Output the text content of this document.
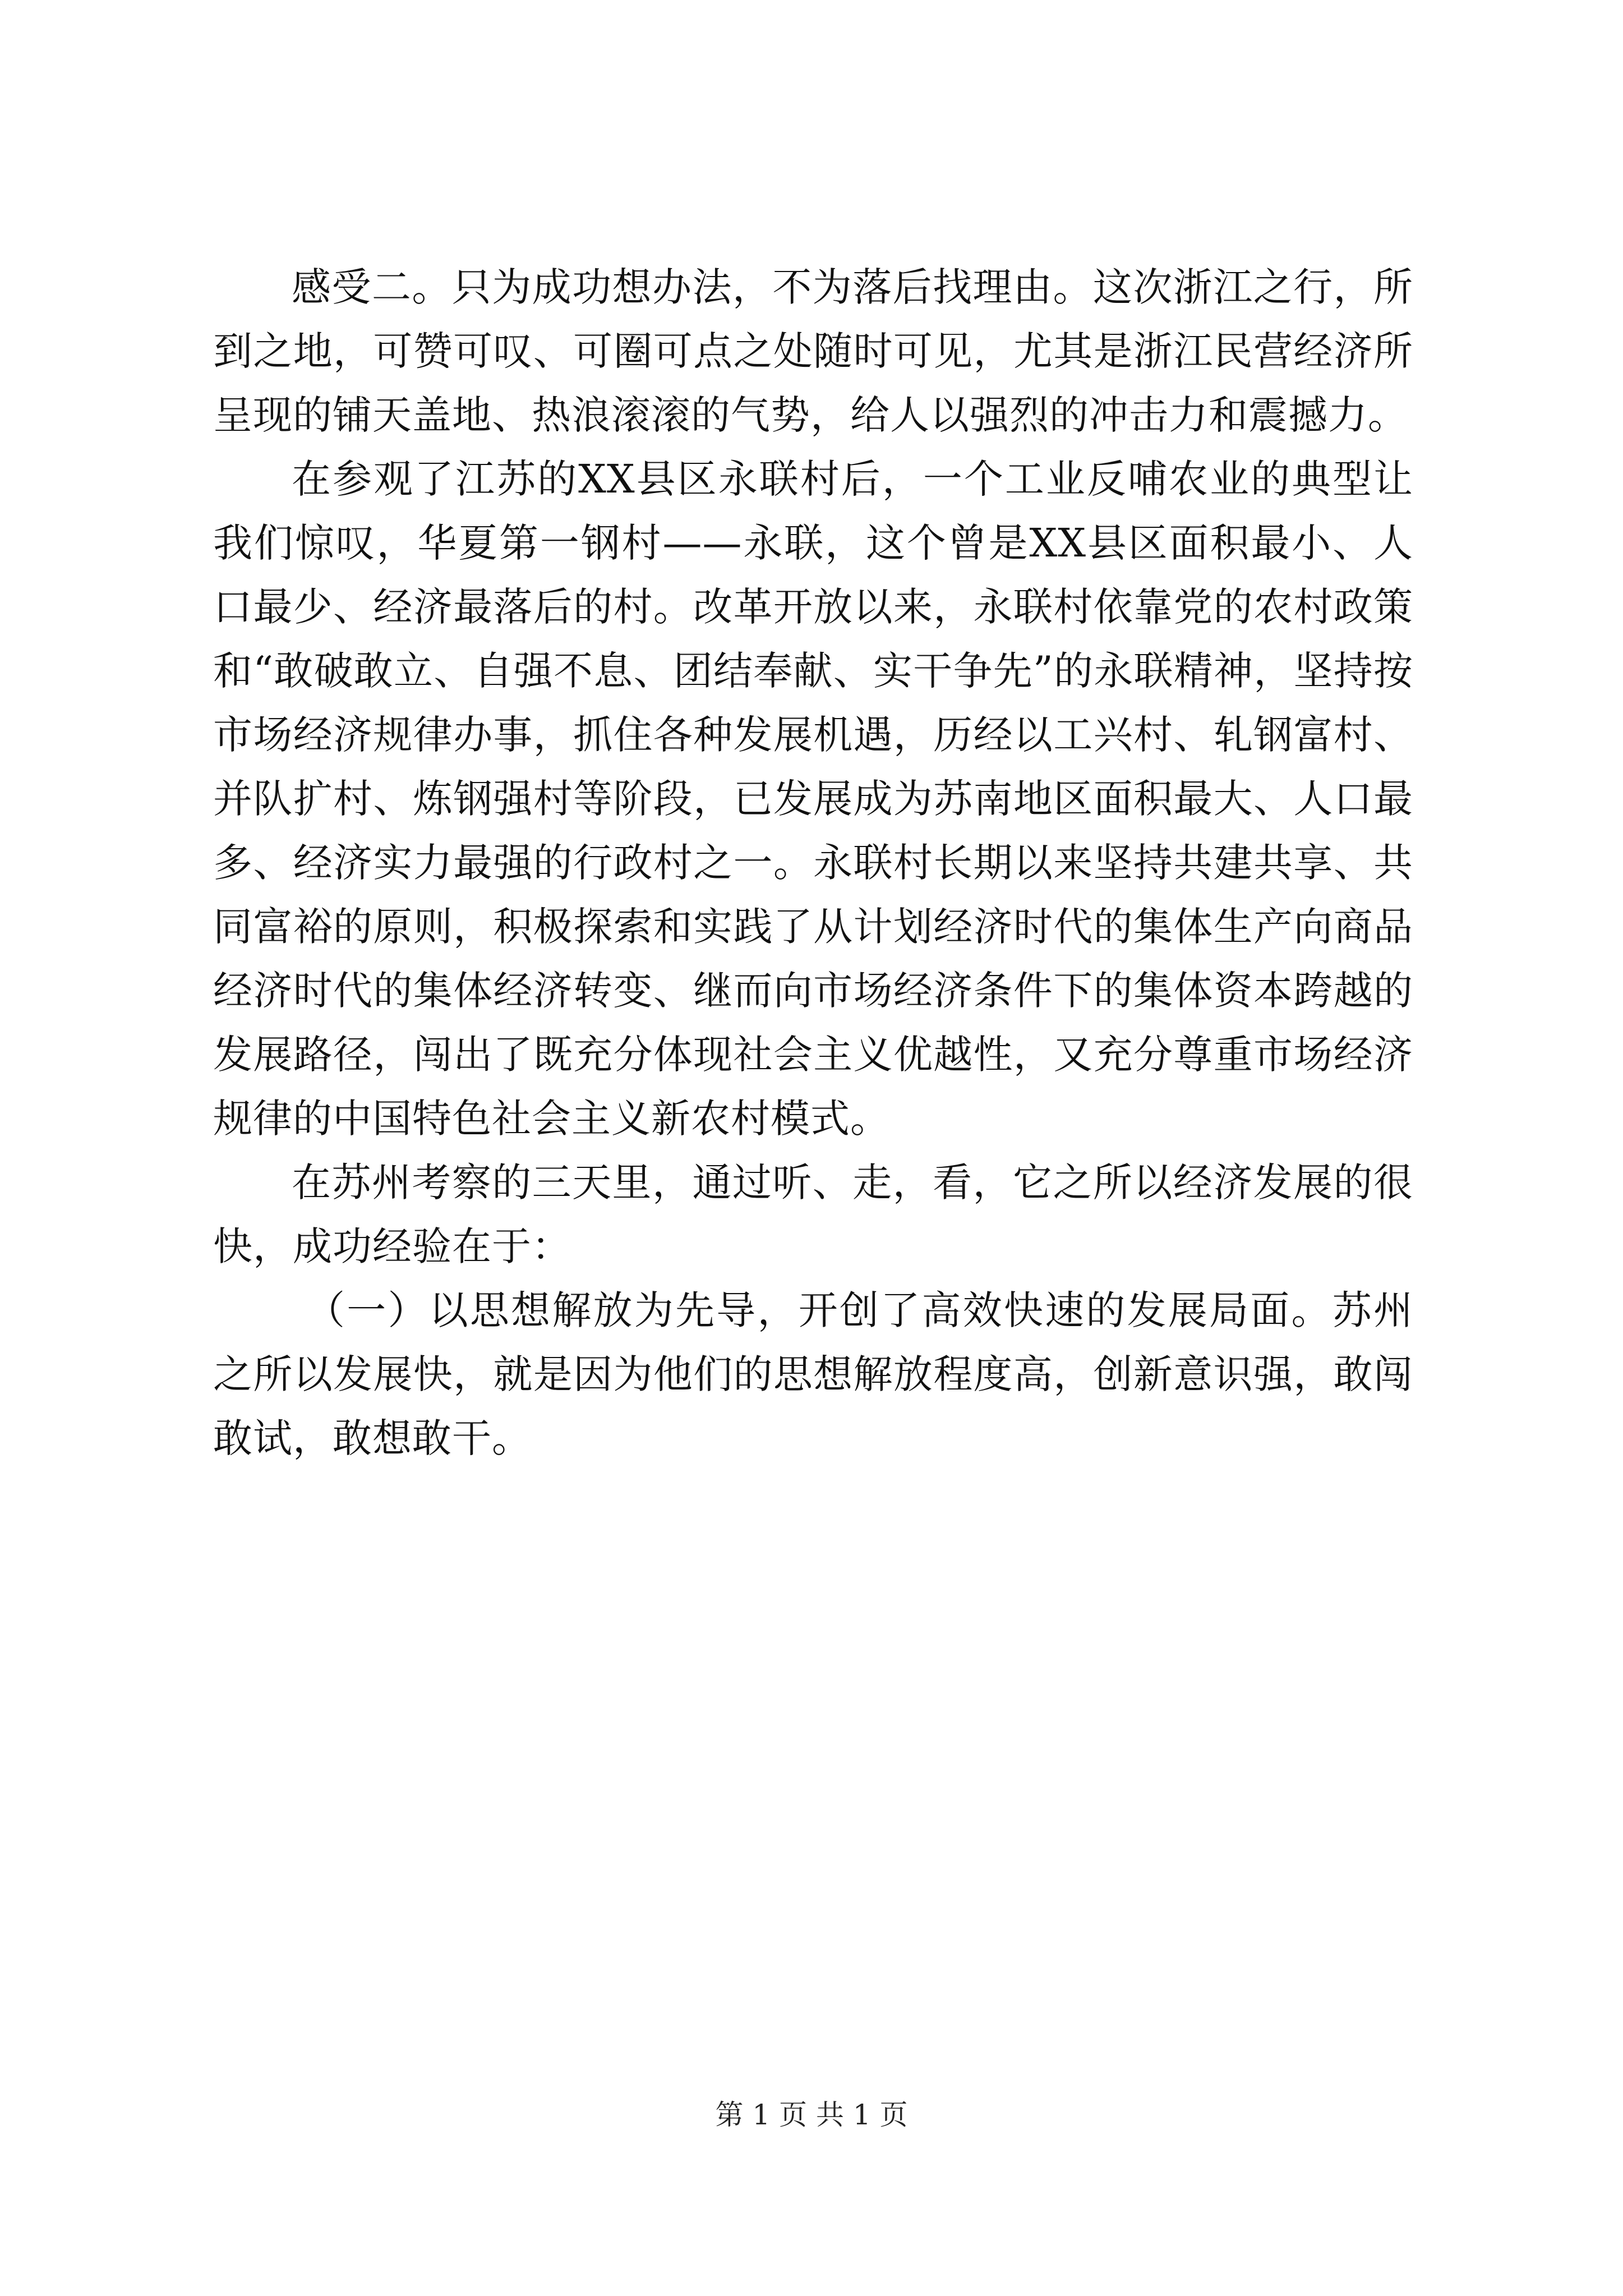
感受二。只为成功想办法，不为落后找理由。这次浙江之行，所到之地，可赞可叹、可圈可点之处随时可见，尤其是浙江民营经济所呈现的铺天盖地、热浪滚滚的气势，给人以强烈的冲击力和震撼力。

在参观了江苏的XX县区永联村后，一个工业反哺农业的典型让我们惊叹，华夏第一钢村——永联，这个曾是XX县区面积最小、人口最少、经济最落后的村。改革开放以来，永联村依靠党的农村政策和“敢破敢立、自强不息、团结奉献、实干争先”的永联精神，坚持按市场经济规律办事，抓住各种发展机遇，历经以工兴村、轧钢富村、并队扩村、炼钢强村等阶段，已发展成为苏南地区面积最大、人口最多、经济实力最强的行政村之一。永联村长期以来坚持共建共享、共同富裕的原则，积极探索和实践了从计划经济时代的集体生产向商品经济时代的集体经济转变、继而向市场经济条件下的集体资本跨越的发展路径，闯出了既充分体现社会主义优越性，又充分尊重市场经济规律的中国特色社会主义新农村模式。

在苏州考察的三天里，通过听、走，看，它之所以经济发展的很快，成功经验在于：

（一）以思想解放为先导，开创了高效快速的发展局面。苏州之所以发展快，就是因为他们的思想解放程度高，创新意识强，敢闯敢试，敢想敢干。

第 1 页 共 1 页
